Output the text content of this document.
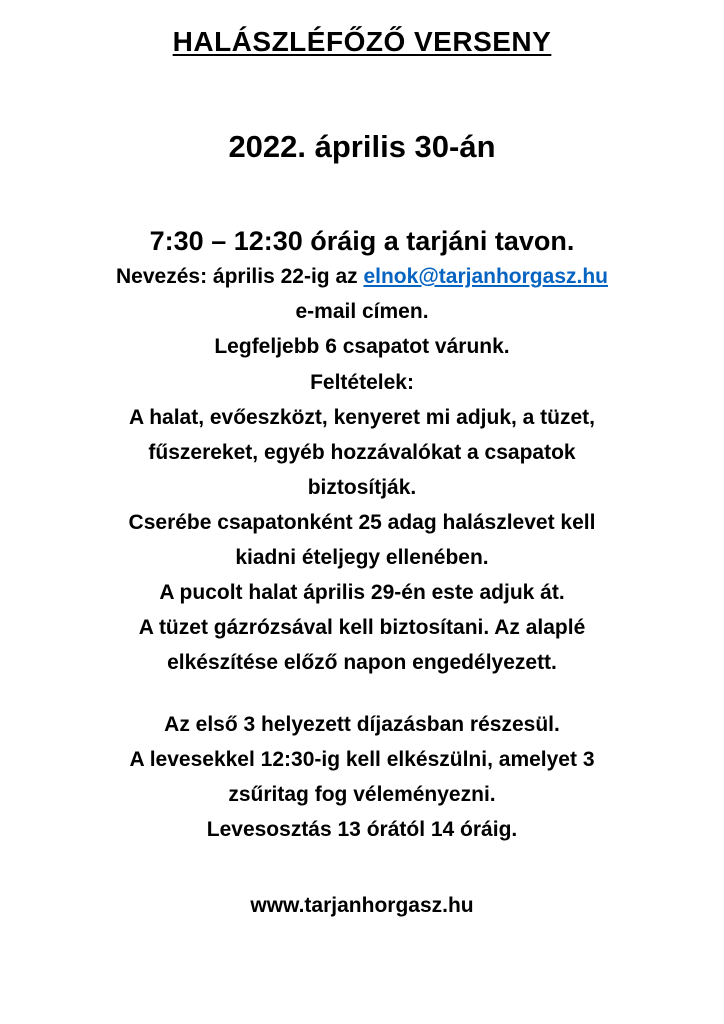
HALÁSZLÉFŐZŐ VERSENY
2022. április 30-án
7:30 – 12:30 óráig a tarjáni tavon.
Nevezés: április 22-ig az elnok@tarjanhorgasz.hu
e-mail címen.
Legfeljebb 6 csapatot várunk.
Feltételek:
A halat, evőeszközt, kenyeret mi adjuk, a tüzet,
fűszereket, egyéb hozzávalókat a csapatok
biztosítják.
Cserébe csapatonként 25 adag halászlevet kell
kiadni ételjegy ellenében.
A pucolt halat április 29-én este adjuk át.
A tüzet gázrózsával kell biztosítani. Az alaplé
elkészítése előző napon engedélyezett.
Az első 3 helyezett díjazásban részesül.
A levesekkel 12:30-ig kell elkészülni, amelyet 3
zsűritag fog véleményezni.
Levesosztás 13 órától 14 óráig.
www.tarjanhorgasz.hu
